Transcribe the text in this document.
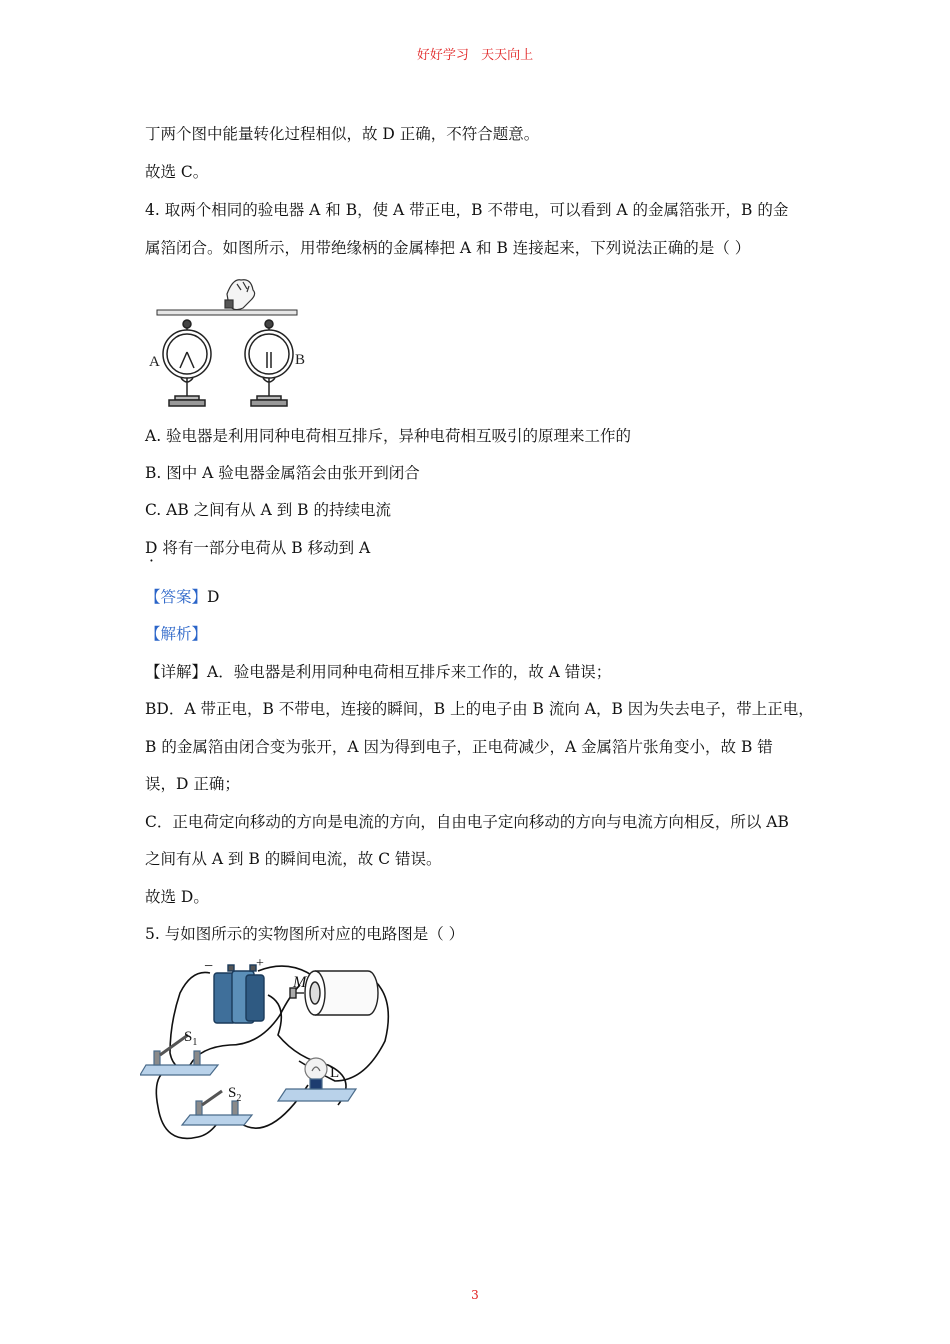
好好学习 天天向上
丁两个图中能量转化过程相似，故 D 正确，不符合题意。
故选 C。
4. 取两个相同的验电器 A 和 B，使 A 带正电，B 不带电，可以看到 A 的金属箔张开，B 的金
属箔闭合。如图所示，用带绝缘柄的金属棒把 A 和 B 连接起来，下列说法正确的是（ ）
A	B
A. 验电器是利用同种电荷相互排斥，异种电荷相互吸引的原理来工作的
B. 图中 A 验电器金属箔会由张开到闭合
C. AB 之间有从 A 到 B 的持续电流
D 将有一部分电荷从 B 移动到 A
·
【答案】D
【解析】
【详解】A．验电器是利用同种电荷相互排斥来工作的，故 A 错误；
BD．A 带正电，B 不带电，连接的瞬间，B 上的电子由 B 流向 A，B 因为失去电子，带上正电，
B 的金属箔由闭合变为张开，A 因为得到电子，正电荷减少，A 金属箔片张角变小，故 B 错
误，D 正确；
C．正电荷定向移动的方向是电流的方向，自由电子定向移动的方向与电流方向相反，所以 AB
之间有从 A 到 B 的瞬间电流，故 C 错误。
故选 D。
5. 与如图所示的实物图所对应的电路图是（ ）
−	+
M
$S_1$
$S_2$
L
3
